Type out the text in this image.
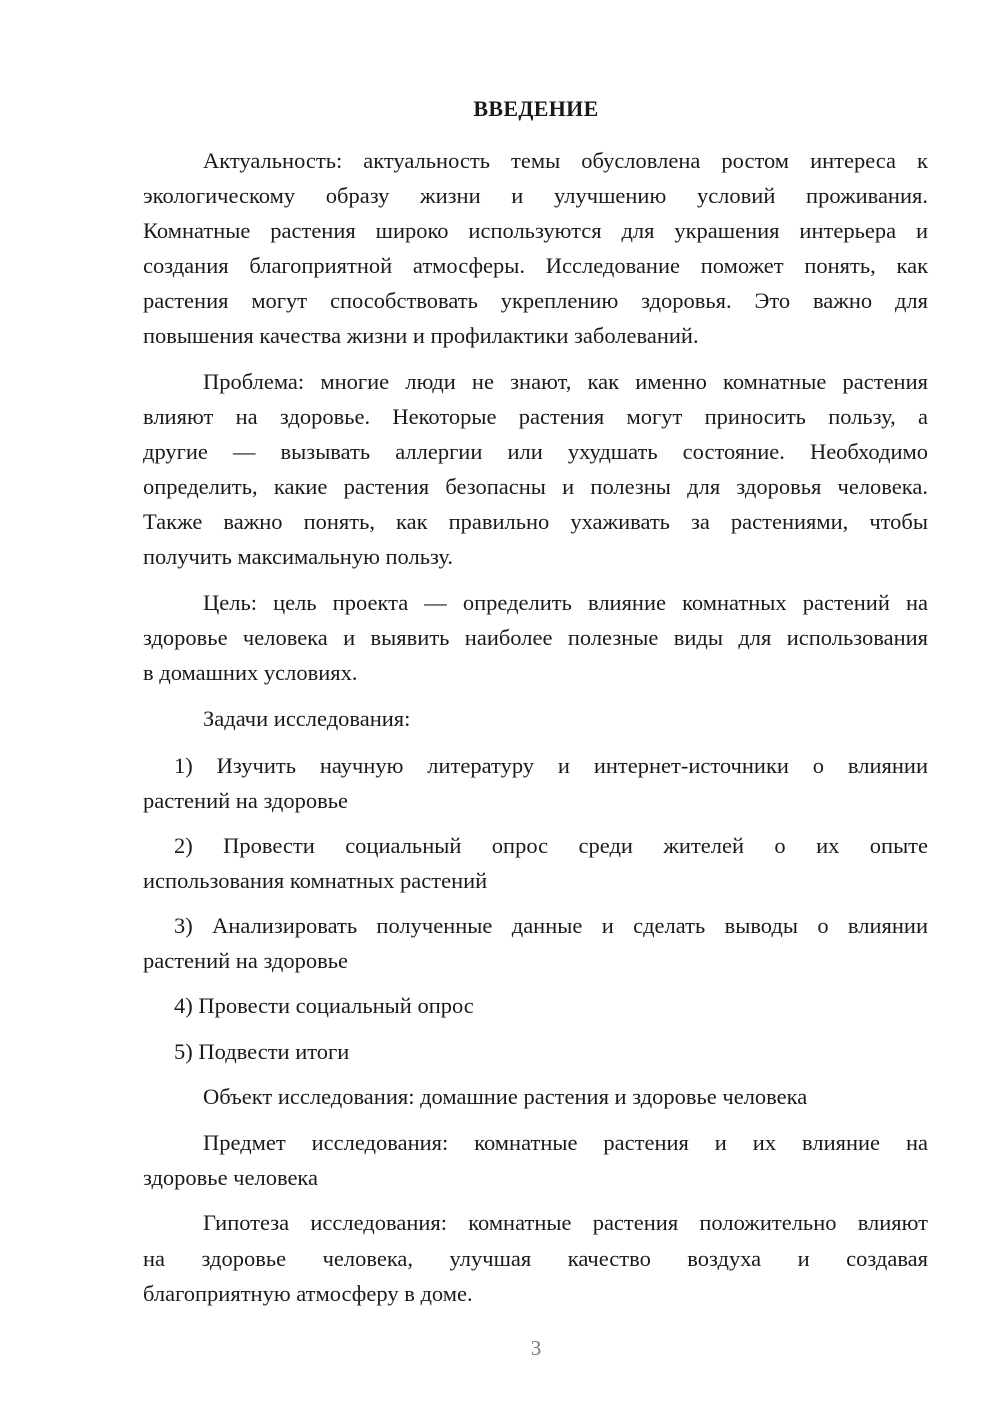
ВВЕДЕНИЕ
Актуальность: актуальность темы обусловлена ростом интереса к
экологическому образу жизни и улучшению условий проживания.
Комнатные растения широко используются для украшения интерьера и
создания благоприятной атмосферы. Исследование поможет понять, как
растения могут способствовать укреплению здоровья. Это важно для
повышения качества жизни и профилактики заболеваний.
Проблема: многие люди не знают, как именно комнатные растения
влияют на здоровье. Некоторые растения могут приносить пользу, а
другие — вызывать аллергии или ухудшать состояние. Необходимо
определить, какие растения безопасны и полезны для здоровья человека.
Также важно понять, как правильно ухаживать за растениями, чтобы
получить максимальную пользу.
Цель: цель проекта — определить влияние комнатных растений на
здоровье человека и выявить наиболее полезные виды для использования
в домашних условиях.
Задачи исследования:
1) Изучить научную литературу и интернет-источники о влиянии
растений на здоровье
2) Провести социальный опрос среди жителей о их опыте
использования комнатных растений
3) Анализировать полученные данные и сделать выводы о влиянии
растений на здоровье
4) Провести социальный опрос
5) Подвести итоги
Объект исследования: домашние растения и здоровье человека
Предмет исследования: комнатные растения и их влияние на
здоровье человека
Гипотеза исследования: комнатные растения положительно влияют
на здоровье человека, улучшая качество воздуха и создавая
благоприятную атмосферу в доме.
3
